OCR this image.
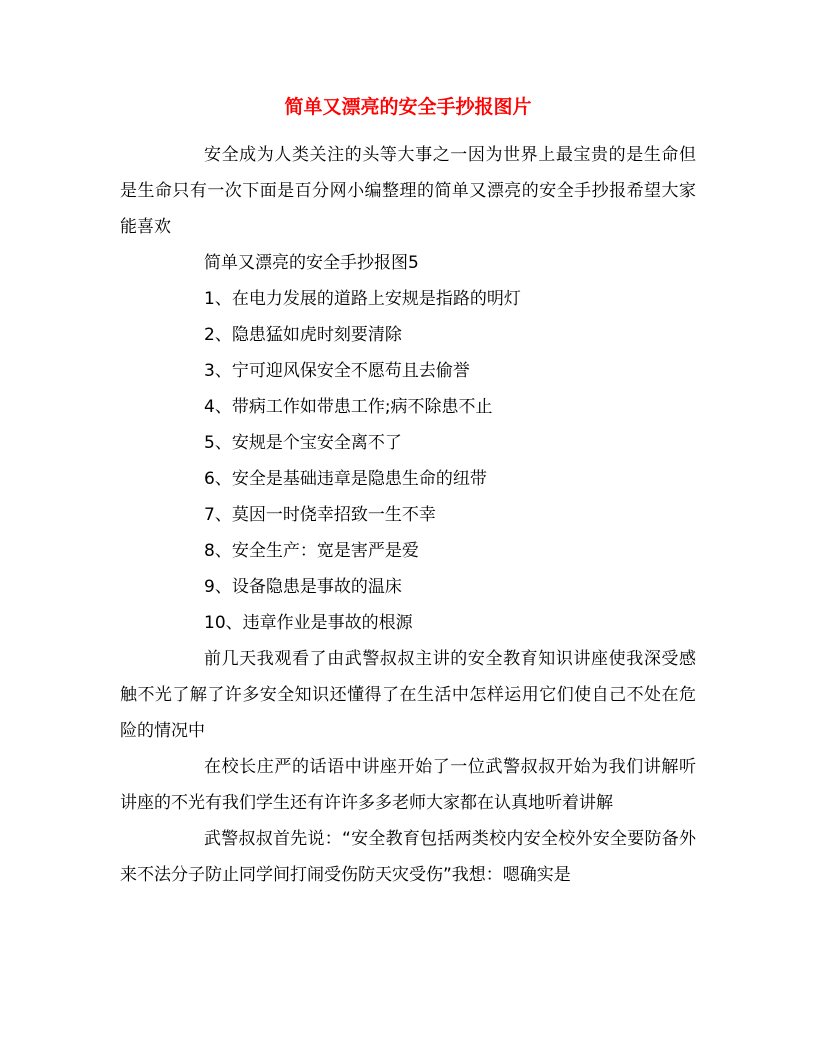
简单又漂亮的安全手抄报图片

安全成为人类关注的头等大事之一因为世界上最宝贵的是生命但是生命只有一次下面是百分网小编整理的简单又漂亮的安全手抄报希望大家能喜欢

简单又漂亮的安全手抄报图5

1、在电力发展的道路上安规是指路的明灯

2、隐患猛如虎时刻要清除

3、宁可迎风保安全不愿苟且去偷誉

4、带病工作如带患工作;病不除患不止

5、安规是个宝安全离不了

6、安全是基础违章是隐患生命的纽带

7、莫因一时侥幸招致一生不幸

8、安全生产：宽是害严是爱

9、设备隐患是事故的温床

10、违章作业是事故的根源

前几天我观看了由武警叔叔主讲的安全教育知识讲座使我深受感触不光了解了许多安全知识还懂得了在生活中怎样运用它们使自己不处在危险的情况中

在校长庄严的话语中讲座开始了一位武警叔叔开始为我们讲解听讲座的不光有我们学生还有许许多多老师大家都在认真地听着讲解

武警叔叔首先说：“安全教育包括两类校内安全校外安全要防备外来不法分子防止同学间打闹受伤防天灾受伤”我想：嗯确实是
